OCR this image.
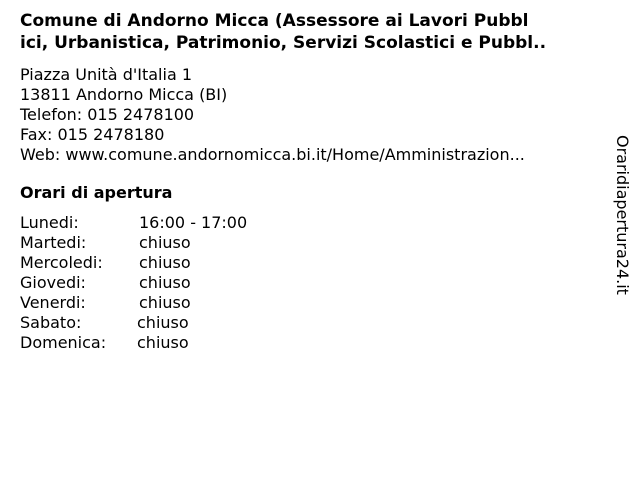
Comune di Andorno Micca (Assessore ai Lavori Pubbl
ici, Urbanistica, Patrimonio, Servizi Scolastici e Pubbl..
Piazza Unità d'Italia 1
13811 Andorno Micca (BI)
Telefon: 015 2478100
Fax: 015 2478180
Web: www.comune.andornomicca.bi.it/Home/Amministrazion...
Orari di apertura
Lunedi:	16:00 - 17:00
Martedi:	chiuso
Mercoledi: chiuso
Giovedi:	chiuso
Venerdi:	chiuso
Sabato:	chiuso
Domenica: chiuso
Oraridiapertura24.it
